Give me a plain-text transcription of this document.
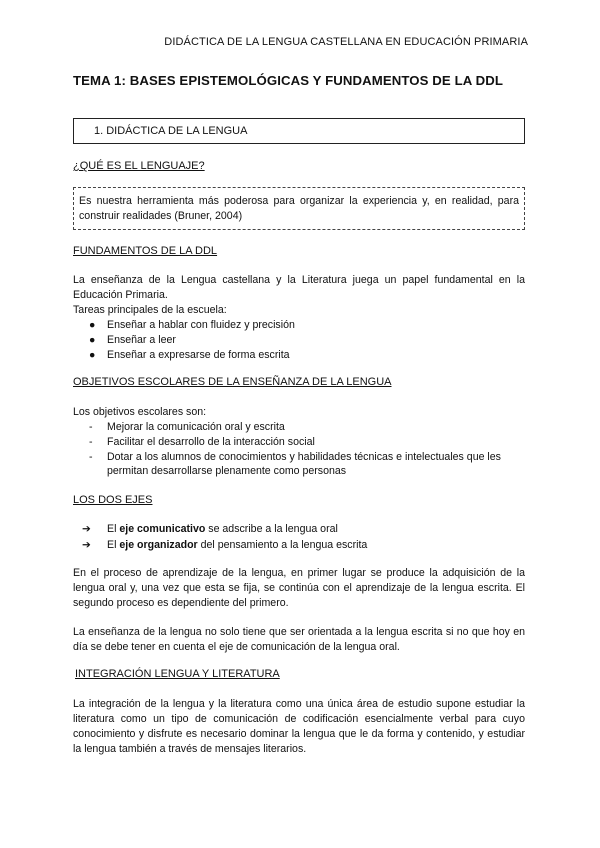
DIDÁCTICA DE LA LENGUA CASTELLANA EN EDUCACIÓN PRIMARIA
TEMA 1: BASES EPISTEMOLÓGICAS Y FUNDAMENTOS DE LA DDL
1. DIDÁCTICA DE LA LENGUA
¿QUÉ ES EL LENGUAJE?
Es nuestra herramienta más poderosa para organizar la experiencia y, en realidad, para construir realidades (Bruner, 2004)
FUNDAMENTOS DE LA DDL
La enseñanza de la Lengua castellana y la Literatura juega un papel fundamental en la Educación Primaria.
Tareas principales de la escuela:
● Enseñar a hablar con fluidez y precisión
● Enseñar a leer
● Enseñar a expresarse de forma escrita
OBJETIVOS ESCOLARES DE LA ENSEÑANZA DE LA LENGUA
Los objetivos escolares son:
- Mejorar la comunicación oral y escrita
- Facilitar el desarrollo de la interacción social
- Dotar a los alumnos de conocimientos y habilidades técnicas e intelectuales que les permitan desarrollarse plenamente como personas
LOS DOS EJES
➔ El eje comunicativo se adscribe a la lengua oral
➔ El eje organizador del pensamiento a la lengua escrita
En el proceso de aprendizaje de la lengua, en primer lugar se produce la adquisición de la lengua oral y, una vez que esta se fija, se continúa con el aprendizaje de la lengua escrita. El segundo proceso es dependiente del primero.
La enseñanza de la lengua no solo tiene que ser orientada a la lengua escrita si no que hoy en día se debe tener en cuenta el eje de comunicación de la lengua oral.
INTEGRACIÓN LENGUA Y LITERATURA
La integración de la lengua y la literatura como una única área de estudio supone estudiar la literatura como un tipo de comunicación de codificación esencialmente verbal para cuyo conocimiento y disfrute es necesario dominar la lengua que le da forma y contenido, y estudiar la lengua también a través de mensajes literarios.
